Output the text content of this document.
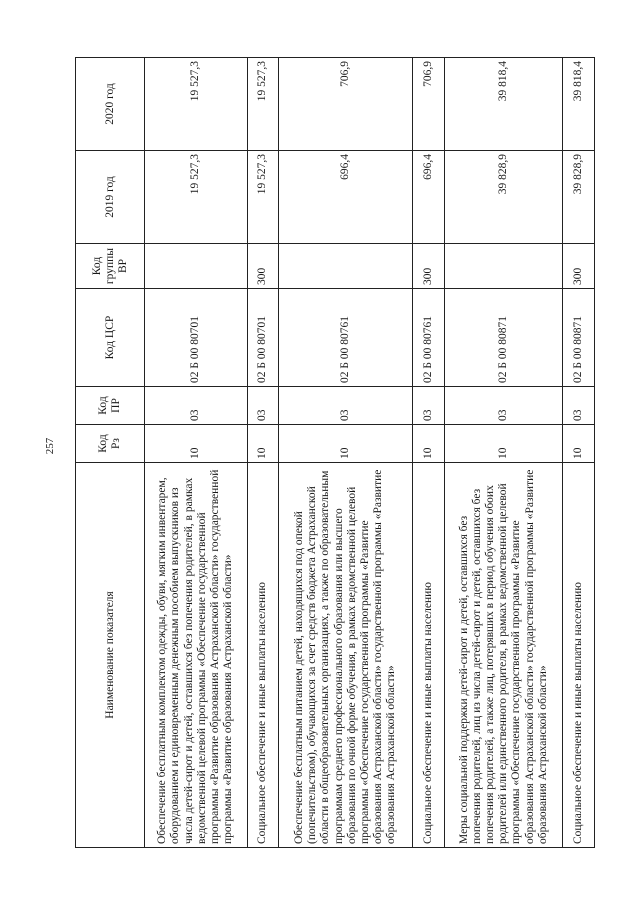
257
Наименование показателя	Код Рз	Код ПР	Код ЦСР	Код группы ВР	2019 год	2020 год
Обеспечение бесплатным комплектом одежды, обуви, мягким инвентарем, оборудованием и единовременным денежным пособием выпускников из числа детей-сирот и детей, оставшихся без попечения родителей, в рамках ведомственной целевой программы «Обеспечение государственной программы «Развитие образования Астраханской области» государственной программы «Развитие образования Астраханской области»	10	03	02 Б 00 80701		19 527,3	19 527,3
Социальное обеспечение и иные выплаты населению	10	03	02 Б 00 80701	300	19 527,3	19 527,3
Обеспечение бесплатным питанием детей, находящихся под опекой (попечительством), обучающихся за счет средств бюджета Астраханской области в общеобразовательных организациях, а также по образовательным программам среднего профессионального образования или высшего образования по очной форме обучения, в рамках ведомственной целевой программы «Обеспечение государственной программы «Развитие образования Астраханской области» государственной программы «Развитие образования Астраханской области»	10	03	02 Б 00 80761		696,4	706,9
Социальное обеспечение и иные выплаты населению	10	03	02 Б 00 80761	300	696,4	706,9
Меры социальной поддержки детей-сирот и детей, оставшихся без попечения родителей, лиц из числа детей-сирот и детей, оставшихся без попечения родителей, а также лиц, потерявших в период обучения обоих родителей или единственного родителя, в рамках ведомственной целевой программы «Обеспечение государственной программы «Развитие образования Астраханской области» государственной программы «Развитие образования Астраханской области»	10	03	02 Б 00 80871		39 828,9	39 818,4
Социальное обеспечение и иные выплаты населению	10	03	02 Б 00 80871	300	39 828,9	39 818,4
